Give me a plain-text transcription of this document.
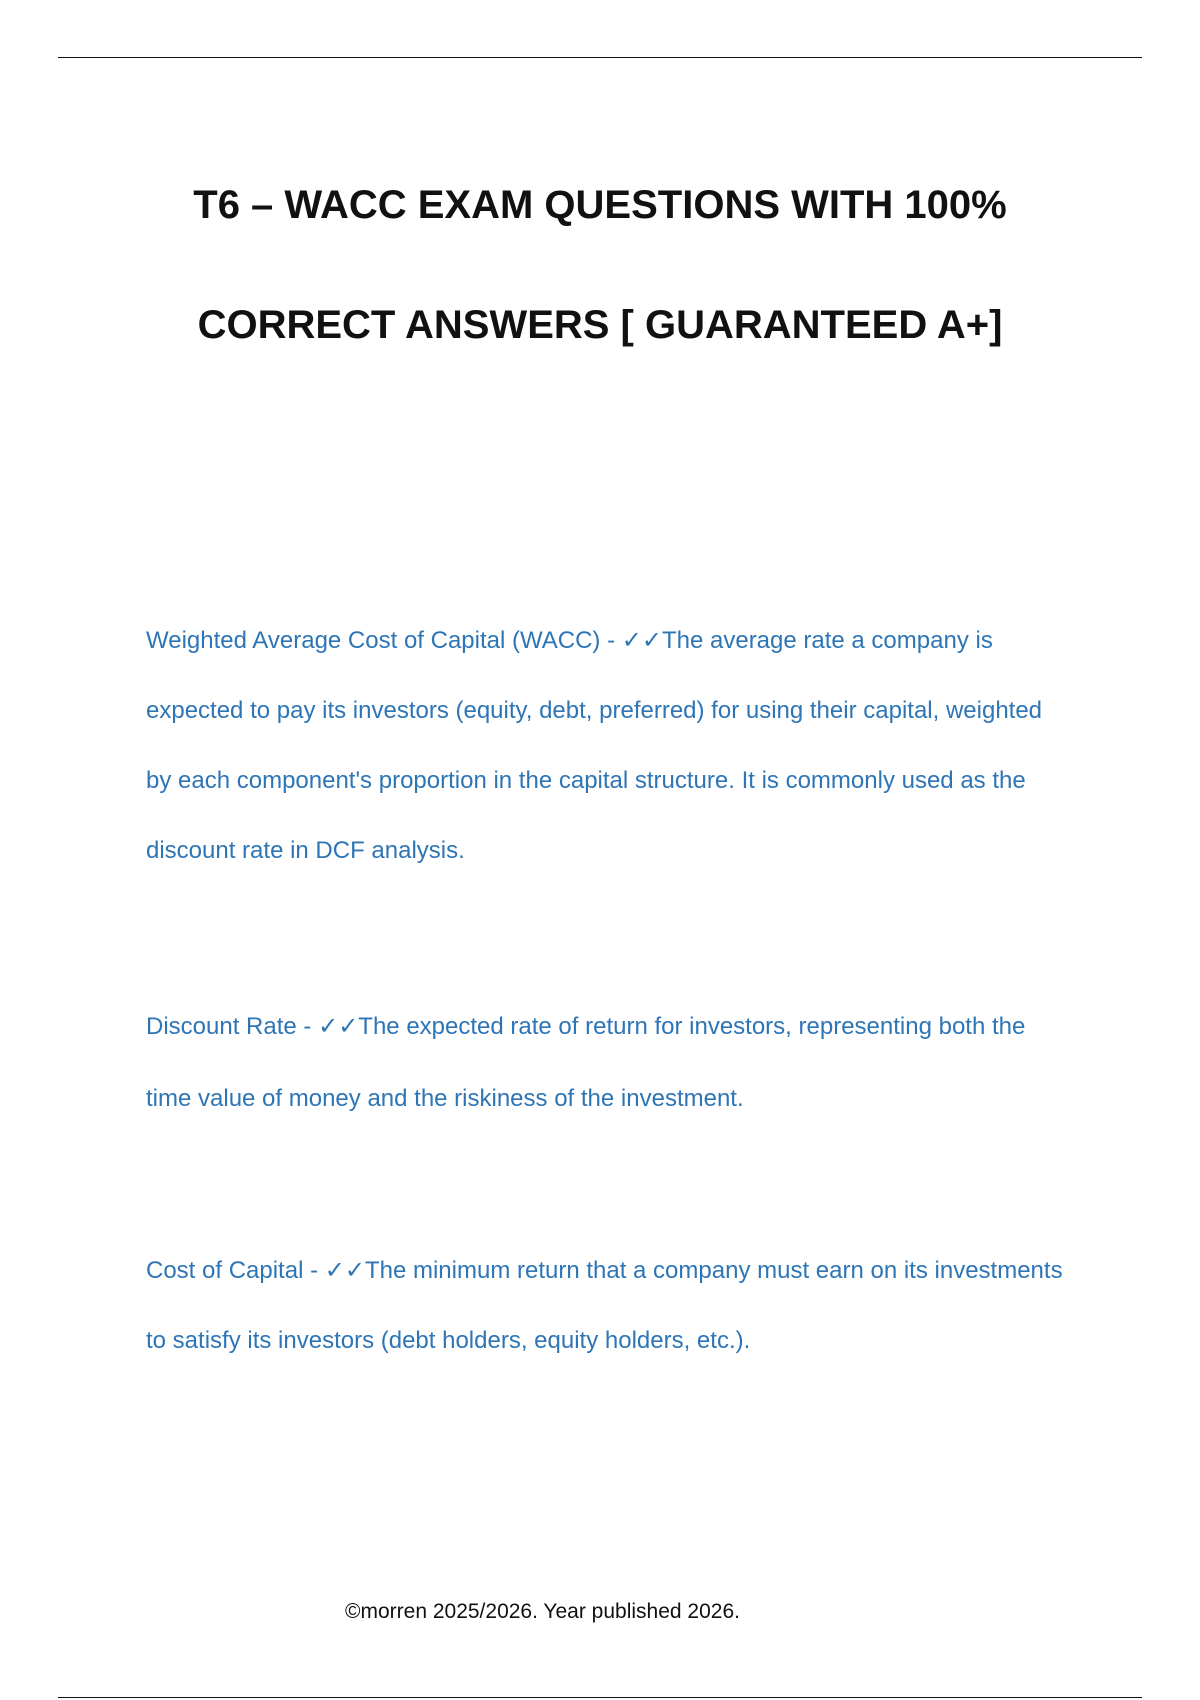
T6 – WACC EXAM QUESTIONS WITH 100%
CORRECT ANSWERS [ GUARANTEED A+]

Weighted Average Cost of Capital (WACC) - ✓✓The average rate a company is expected to pay its investors (equity, debt, preferred) for using their capital, weighted by each component's proportion in the capital structure. It is commonly used as the discount rate in DCF analysis.

Discount Rate - ✓✓The expected rate of return for investors, representing both the time value of money and the riskiness of the investment.

Cost of Capital - ✓✓The minimum return that a company must earn on its investments to satisfy its investors (debt holders, equity holders, etc.).

©morren 2025/2026. Year published 2026.
